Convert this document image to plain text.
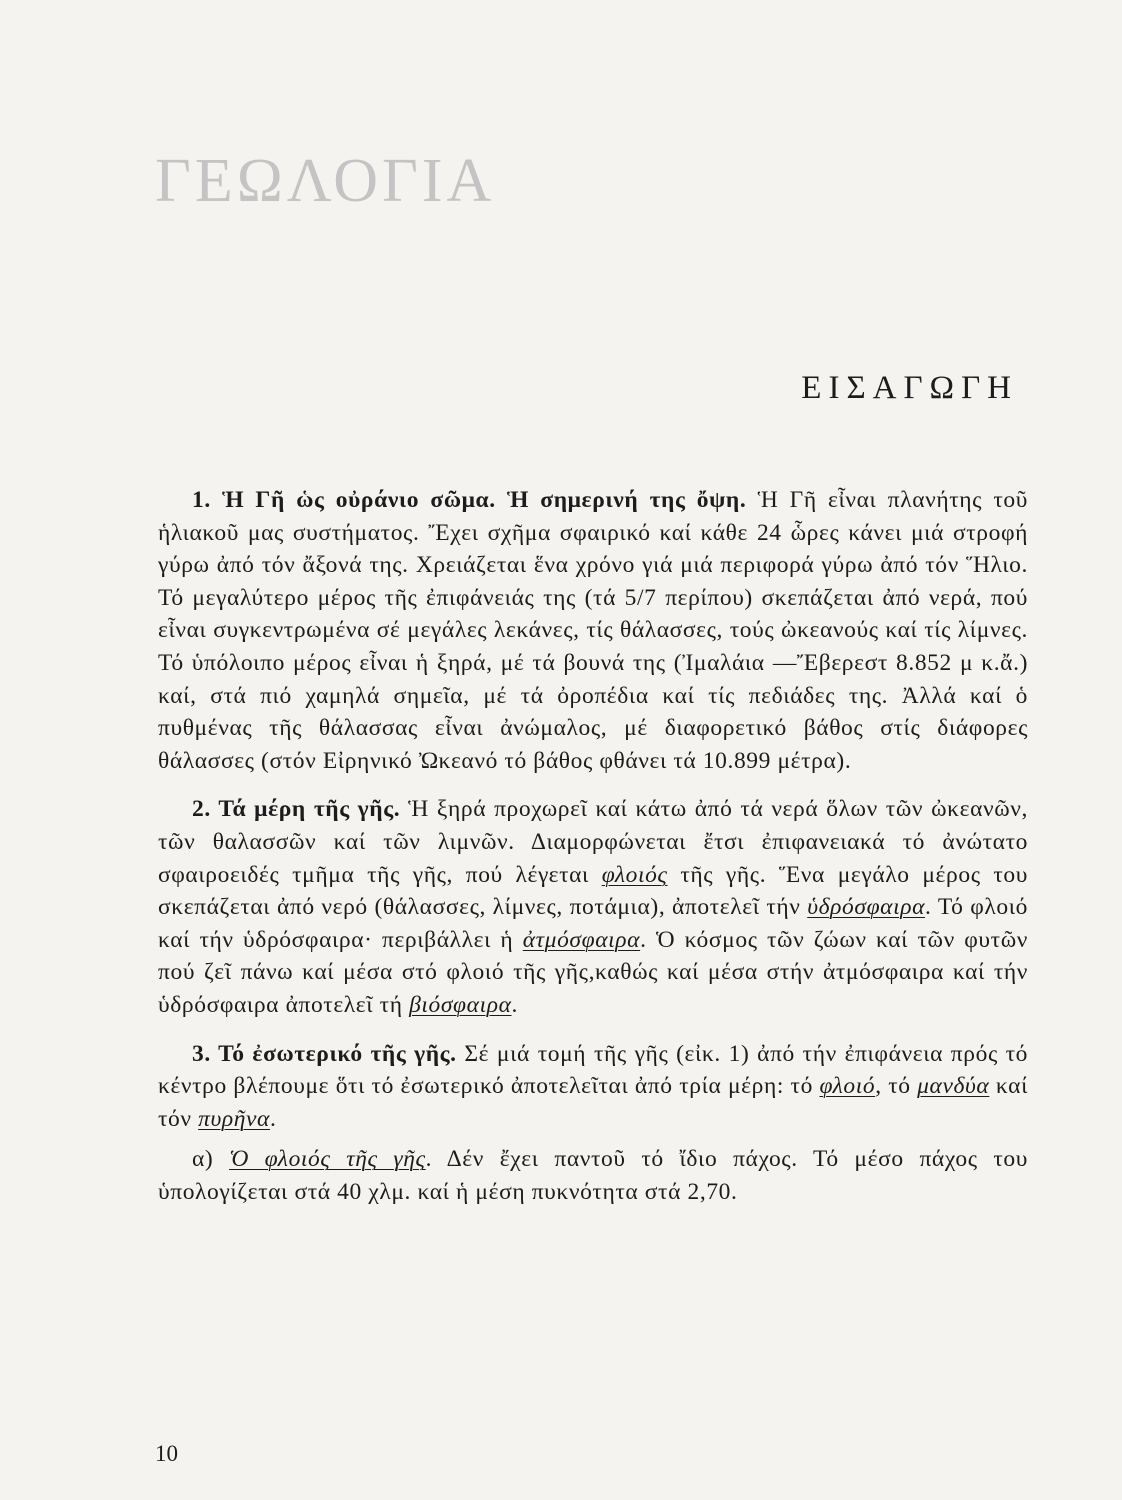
ΓΕΩΛΟΓΙΑ
ΕΙΣΑΓΩΓΗ

1. Ἡ Γῆ ὡς οὐράνιο σῶμα. Ἡ σημερινή της ὄψη. Ἡ Γῆ εἶναι πλανήτης τοῦ ἡλιακοῦ μας συστήματος. Ἔχει σχῆμα σφαιρικό καί κάθε 24 ὧρες κάνει μιά στροφή γύρω ἀπό τόν ἄξονά της. Χρειάζεται ἕνα χρόνο γιά μιά περιφορά γύρω ἀπό τόν Ἥλιο. Τό μεγαλύτερο μέρος τῆς ἐπιφάνειάς της (τά 5/7 περίπου) σκεπάζεται ἀπό νερά, πού εἶναι συγκεντρωμένα σέ μεγάλες λεκάνες, τίς θάλασσες, τούς ὠκεανούς καί τίς λίμνες. Τό ὑπόλοιπο μέρος εἶναι ἡ ξηρά, μέ τά βουνά της (Ἰμαλάια —Ἔβερεστ 8.852 μ κ.ἄ.) καί, στά πιό χαμηλά σημεῖα, μέ τά ὀροπέδια καί τίς πεδιάδες της. Ἀλλά καί ὁ πυθμένας τῆς θάλασσας εἶναι ἀνώμαλος, μέ διαφορετικό βάθος στίς διάφορες θάλασσες (στόν Εἰρηνικό Ὠκεανό τό βάθος φθάνει τά 10.899 μέτρα).

2. Τά μέρη τῆς γῆς. Ἡ ξηρά προχωρεῖ καί κάτω ἀπό τά νερά ὅλων τῶν ὠκεανῶν, τῶν θαλασσῶν καί τῶν λιμνῶν. Διαμορφώνεται ἔτσι ἐπιφανειακά τό ἀνώτατο σφαιροειδές τμῆμα τῆς γῆς, πού λέγεται φλοιός τῆς γῆς. Ἕνα μεγάλο μέρος του σκεπάζεται ἀπό νερό (θάλασσες, λίμνες, ποτάμια), ἀποτελεῖ τήν ὑδρόσφαιρα. Τό φλοιό καί τήν ὑδρόσφαιρα· περιβάλλει ἡ ἀτμόσφαιρα. Ὁ κόσμος τῶν ζώων καί τῶν φυτῶν πού ζεῖ πάνω καί μέσα στό φλοιό τῆς γῆς,καθώς καί μέσα στήν ἀτμόσφαιρα καί τήν ὑδρόσφαιρα ἀποτελεῖ τή βιόσφαιρα.

3. Τό ἐσωτερικό τῆς γῆς. Σέ μιά τομή τῆς γῆς (εἰκ. 1) ἀπό τήν ἐπιφάνεια πρός τό κέντρο βλέπουμε ὅτι τό ἐσωτερικό ἀποτελεῖται ἀπό τρία μέρη: τό φλοιό, τό μανδύα καί τόν πυρῆνα.

α) Ὁ φλοιός τῆς γῆς. Δέν ἔχει παντοῦ τό ἴδιο πάχος. Τό μέσο πάχος του ὑπολογίζεται στά 40 χλμ. καί ἡ μέση πυκνότητα στά 2,70.

10
